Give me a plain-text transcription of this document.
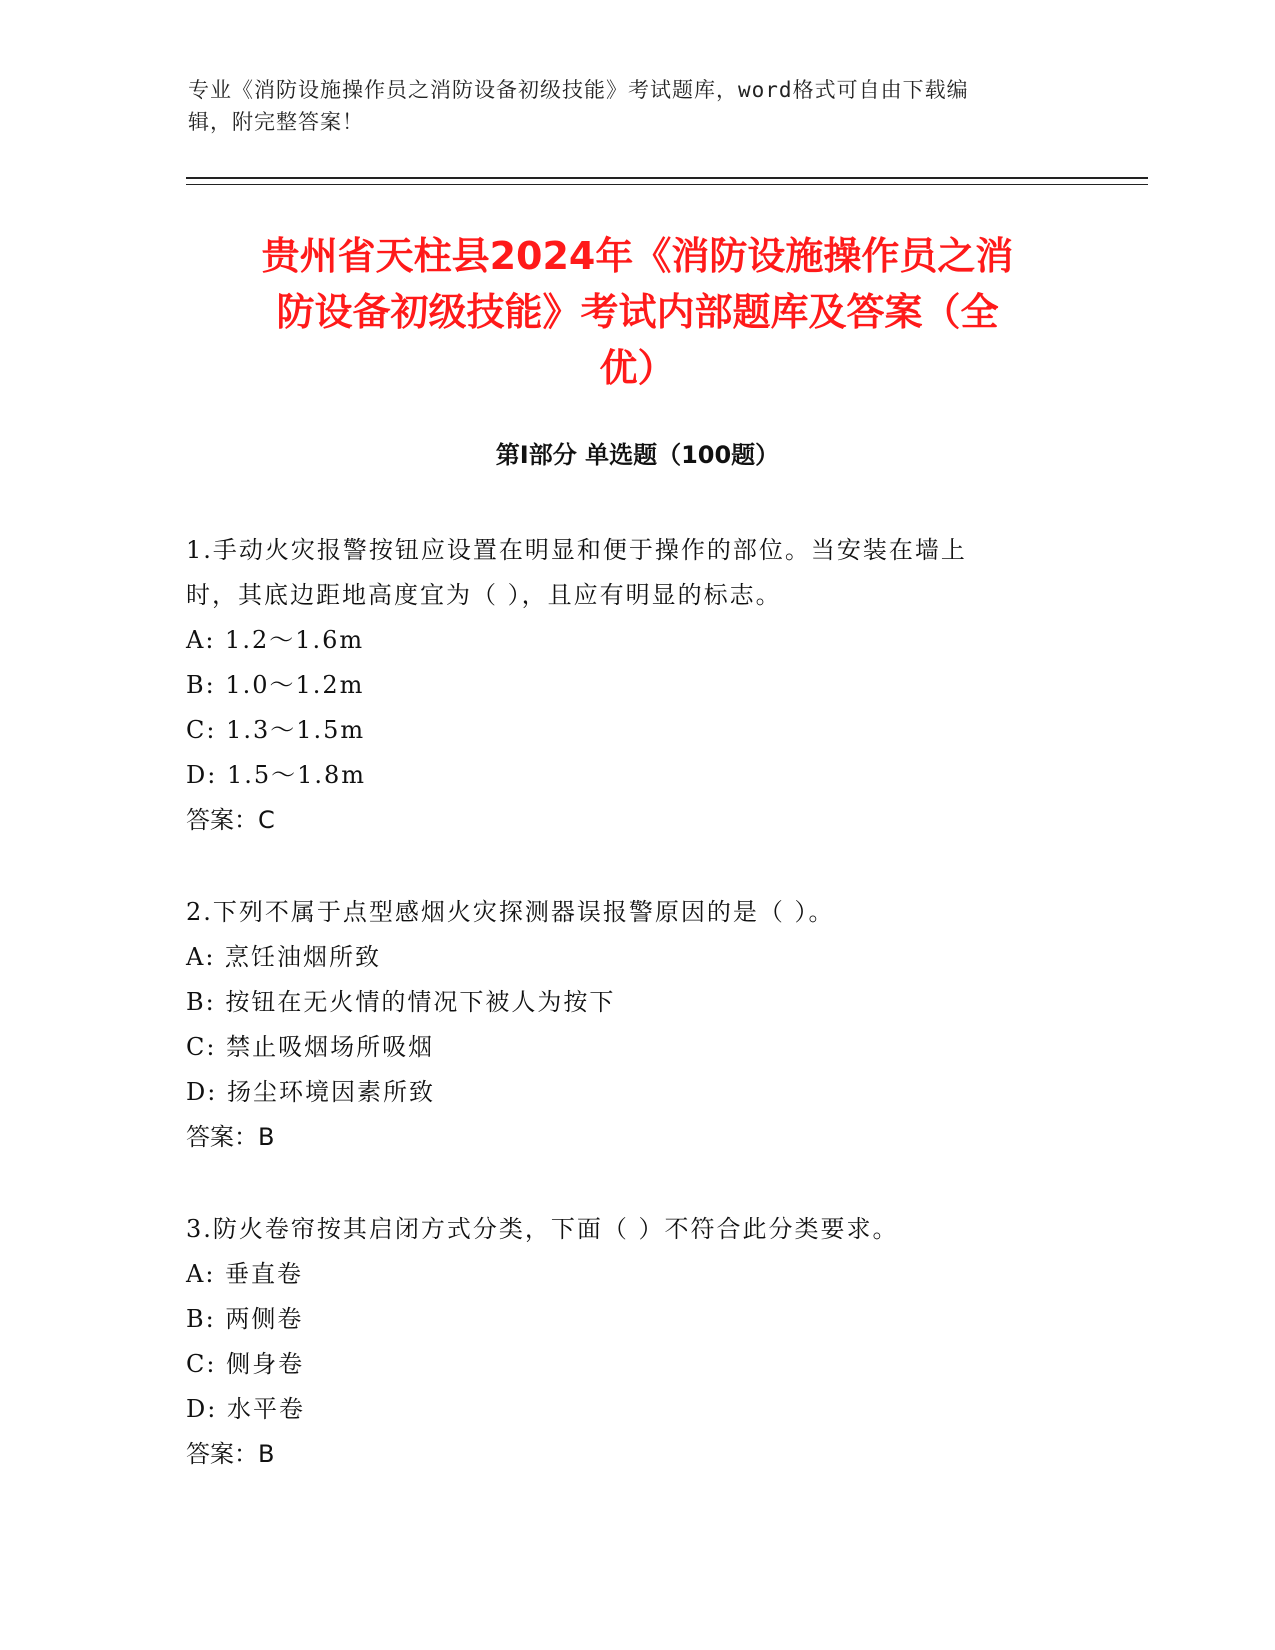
专业《消防设施操作员之消防设备初级技能》考试题库，word格式可自由下载编
辑，附完整答案！
贵州省天柱县2024年《消防设施操作员之消
防设备初级技能》考试内部题库及答案（全
优）
第Ⅰ部分 单选题（100题）
1.手动火灾报警按钮应设置在明显和便于操作的部位。当安装在墙上
时，其底边距地高度宜为（ ），且应有明显的标志。
A: 1.2～1.6m
B: 1.0～1.2m
C: 1.3～1.5m
D: 1.5～1.8m
答案：C
2.下列不属于点型感烟火灾探测器误报警原因的是（ ）。
A: 烹饪油烟所致
B: 按钮在无火情的情况下被人为按下
C: 禁止吸烟场所吸烟
D: 扬尘环境因素所致
答案：B
3.防火卷帘按其启闭方式分类，下面（ ）不符合此分类要求。
A: 垂直卷
B: 两侧卷
C: 侧身卷
D: 水平卷
答案：B
